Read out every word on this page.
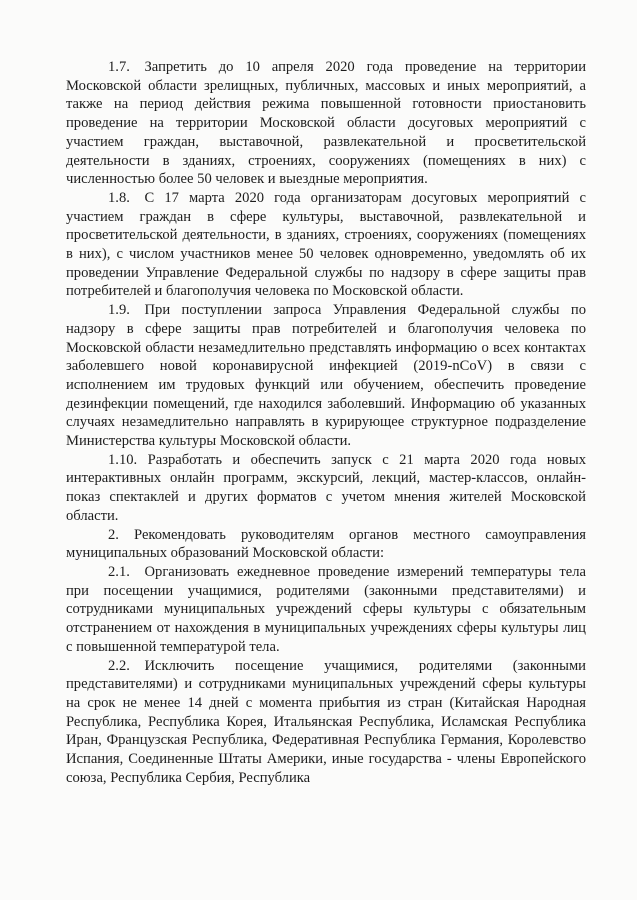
1.7. Запретить до 10 апреля 2020 года проведение на территории Московской области зрелищных, публичных, массовых и иных мероприятий, а также на период действия режима повышенной готовности приостановить проведение на территории Московской области досуговых мероприятий с участием граждан, выставочной, развлекательной и просветительской деятельности в зданиях, строениях, сооружениях (помещениях в них) с численностью более 50 человек и выездные мероприятия.

1.8. С 17 марта 2020 года организаторам досуговых мероприятий с участием граждан в сфере культуры, выставочной, развлекательной и просветительской деятельности, в зданиях, строениях, сооружениях (помещениях в них), с числом участников менее 50 человек одновременно, уведомлять об их проведении Управление Федеральной службы по надзору в сфере защиты прав потребителей и благополучия человека по Московской области.

1.9. При поступлении запроса Управления Федеральной службы по надзору в сфере защиты прав потребителей и благополучия человека по Московской области незамедлительно представлять информацию о всех контактах заболевшего новой коронавирусной инфекцией (2019-nCoV) в связи с исполнением им трудовых функций или обучением, обеспечить проведение дезинфекции помещений, где находился заболевший. Информацию об указанных случаях незамедлительно направлять в курирующее структурное подразделение Министерства культуры Московской области.

1.10. Разработать и обеспечить запуск с 21 марта 2020 года новых интерактивных онлайн программ, экскурсий, лекций, мастер-классов, онлайн-показ спектаклей и других форматов с учетом мнения жителей Московской области.

2. Рекомендовать руководителям органов местного самоуправления муниципальных образований Московской области:

2.1. Организовать ежедневное проведение измерений температуры тела при посещении учащимися, родителями (законными представителями) и сотрудниками муниципальных учреждений сферы культуры с обязательным отстранением от нахождения в муниципальных учреждениях сферы культуры лиц с повышенной температурой тела.

2.2. Исключить посещение учащимися, родителями (законными представителями) и сотрудниками муниципальных учреждений сферы культуры на срок не менее 14 дней с момента прибытия из стран (Китайская Народная Республика, Республика Корея, Итальянская Республика, Исламская Республика Иран, Французская Республика, Федеративная Республика Германия, Королевство Испания, Соединенные Штаты Америки, иные государства - члены Европейского союза, Республика Сербия, Республика
